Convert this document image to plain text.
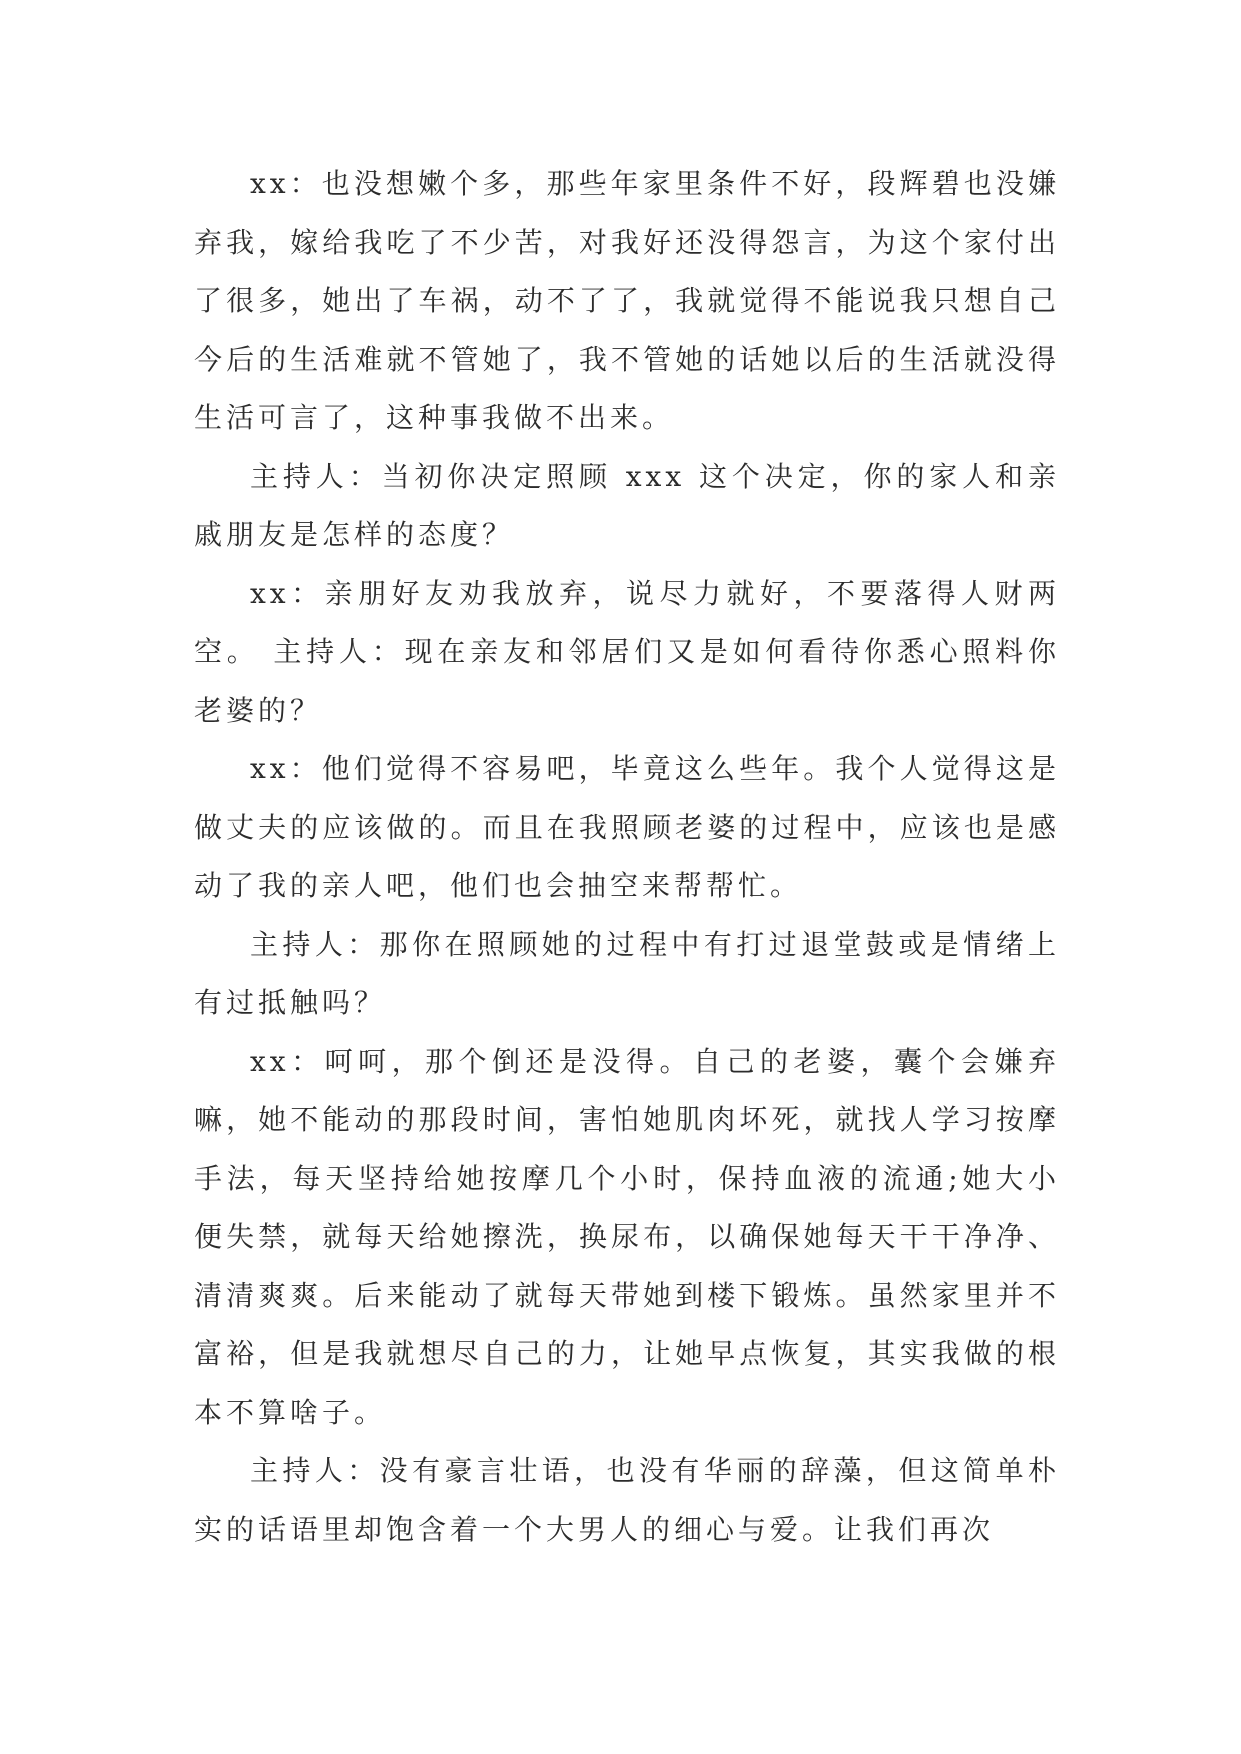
xx：也没想嫩个多，那些年家里条件不好，段辉碧也没嫌弃我，嫁给我吃了不少苦，对我好还没得怨言，为这个家付出了很多，她出了车祸，动不了了，我就觉得不能说我只想自己今后的生活难就不管她了，我不管她的话她以后的生活就没得生活可言了，这种事我做不出来。

主持人：当初你决定照顾 xxx 这个决定，你的家人和亲戚朋友是怎样的态度？

xx：亲朋好友劝我放弃，说尽力就好，不要落得人财两空。 主持人：现在亲友和邻居们又是如何看待你悉心照料你老婆的？

xx：他们觉得不容易吧，毕竟这么些年。我个人觉得这是做丈夫的应该做的。而且在我照顾老婆的过程中，应该也是感动了我的亲人吧，他们也会抽空来帮帮忙。

主持人：那你在照顾她的过程中有打过退堂鼓或是情绪上有过抵触吗？

xx：呵呵，那个倒还是没得。自己的老婆，囊个会嫌弃嘛，她不能动的那段时间，害怕她肌肉坏死，就找人学习按摩手法，每天坚持给她按摩几个小时，保持血液的流通;她大小便失禁，就每天给她擦洗，换尿布，以确保她每天干干净净、清清爽爽。后来能动了就每天带她到楼下锻炼。虽然家里并不富裕，但是我就想尽自己的力，让她早点恢复，其实我做的根本不算啥子。

主持人：没有豪言壮语，也没有华丽的辞藻，但这简单朴实的话语里却饱含着一个大男人的细心与爱。让我们再次
